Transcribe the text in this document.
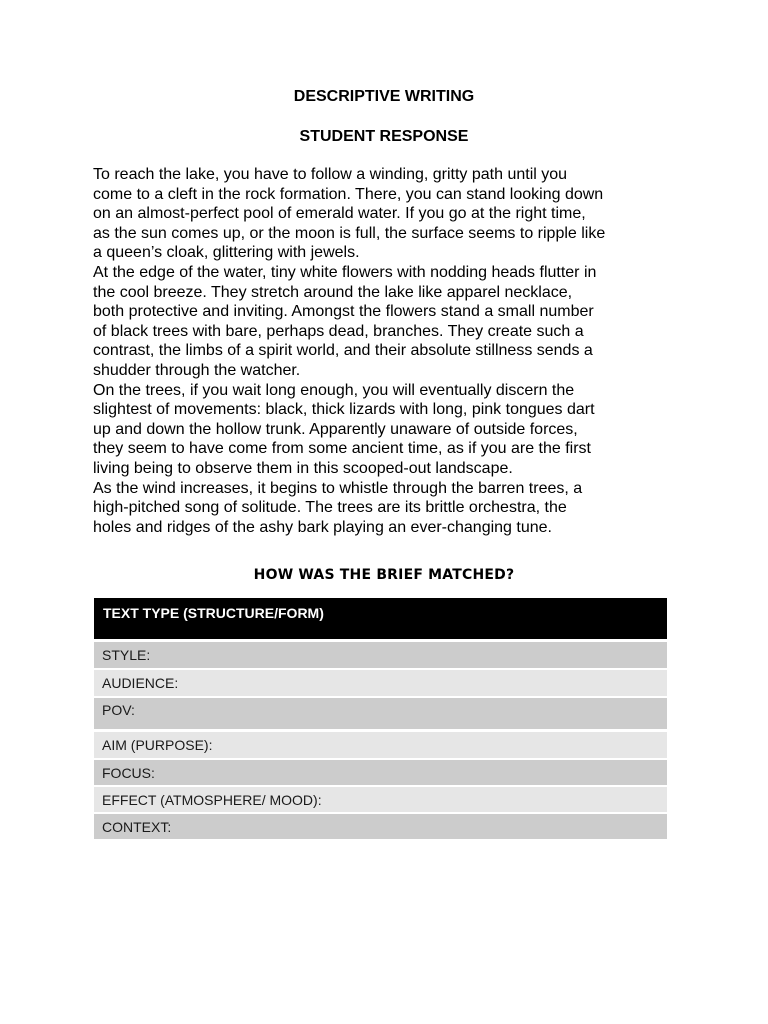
DESCRIPTIVE WRITING
STUDENT RESPONSE

To reach the lake, you have to follow a winding, gritty path until you
come to a cleft in the rock formation. There, you can stand looking down
on an almost-perfect pool of emerald water. If you go at the right time,
as the sun comes up, or the moon is full, the surface seems to ripple like
a queen’s cloak, glittering with jewels.

At the edge of the water, tiny white flowers with nodding heads flutter in
the cool breeze. They stretch around the lake like apparel necklace,
both protective and inviting. Amongst the flowers stand a small number
of black trees with bare, perhaps dead, branches. They create such a
contrast, the limbs of a spirit world, and their absolute stillness sends a
shudder through the watcher.

On the trees, if you wait long enough, you will eventually discern the
slightest of movements: black, thick lizards with long, pink tongues dart
up and down the hollow trunk. Apparently unaware of outside forces,
they seem to have come from some ancient time, as if you are the first
living being to observe them in this scooped-out landscape.

As the wind increases, it begins to whistle through the barren trees, a
high-pitched song of solitude. The trees are its brittle orchestra, the
holes and ridges of the ashy bark playing an ever-changing tune.

HOW WAS THE BRIEF MATCHED?
TEXT TYPE (STRUCTURE/FORM)
STYLE:
AUDIENCE:
POV:
AIM (PURPOSE):
FOCUS:
EFFECT (ATMOSPHERE/ MOOD):
CONTEXT:
